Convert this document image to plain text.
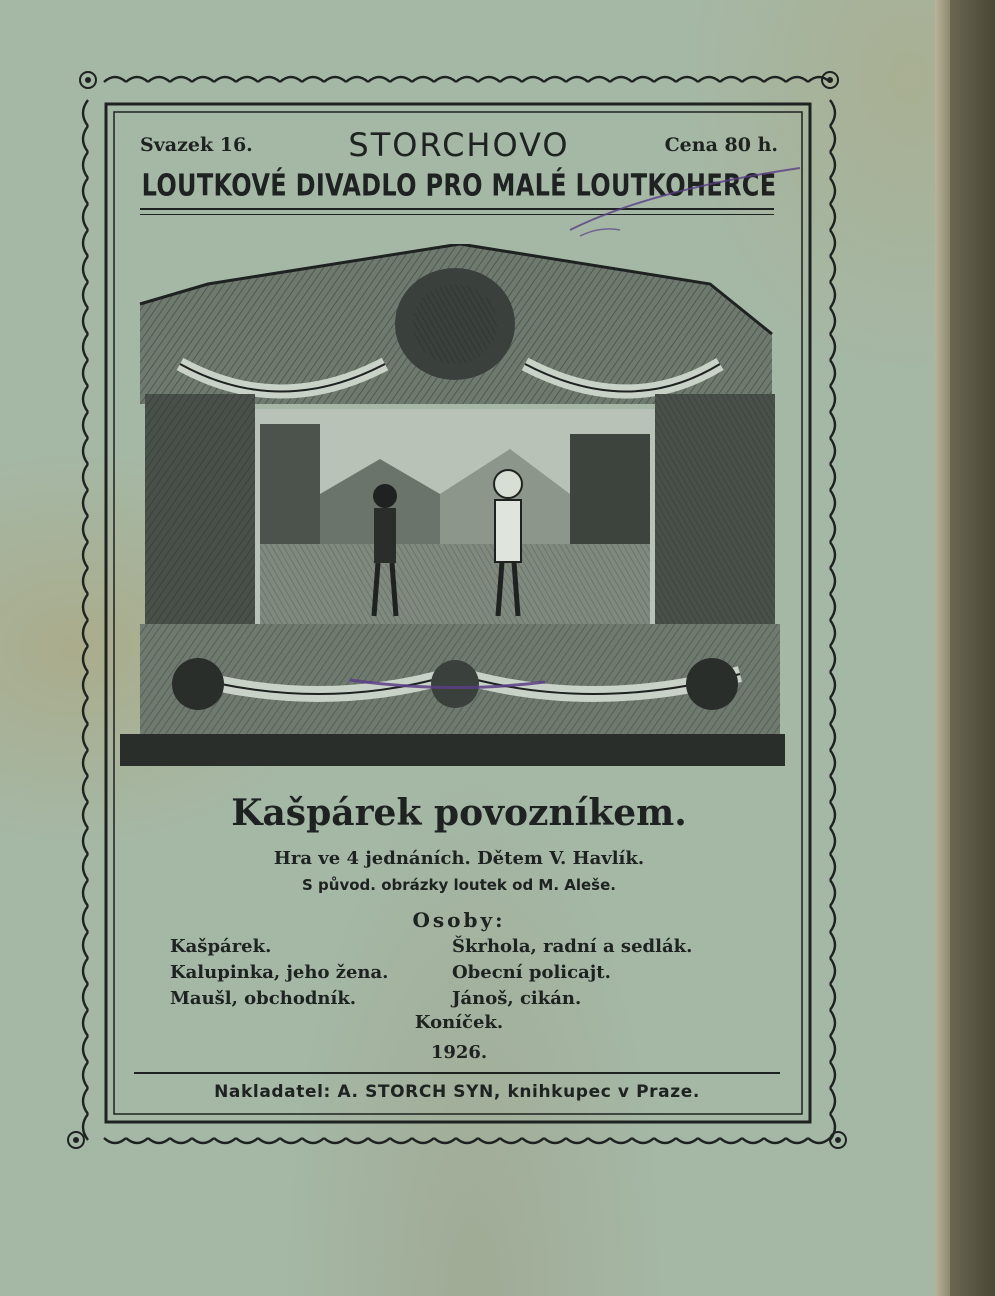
Svazek 16.	STORCHOVO	Cena 80 h.
LOUTKOVÉ DIVADLO PRO MALÉ LOUTKOHERCE
Kašpárek povozníkem.
Hra ve 4 jednáních. Dětem V. Havlík.
S původ. obrázky loutek od M. Aleše.
Osoby:
Kašpárek.
Kalupinka, jeho žena.
Maušl, obchodník.
Škrhola, radní a sedlák.
Obecní policajt.
Jánoš, cikán.
Koníček.
1926.
Nakladatel: A. STORCH SYN, knihkupec v Praze.
